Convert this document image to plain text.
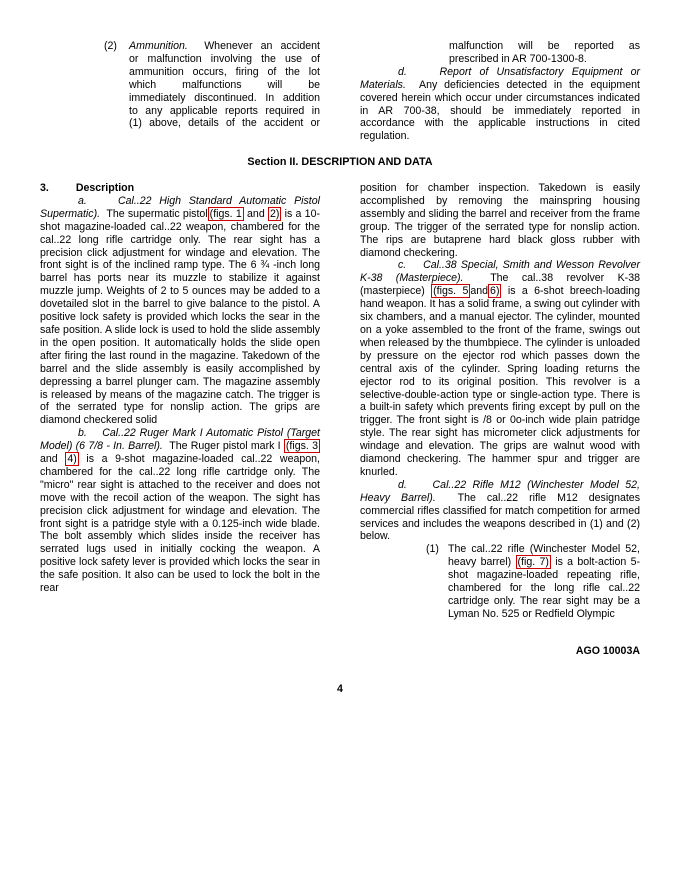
(2) Ammunition. Whenever an accident
or malfunction involving the use of
ammunition occurs, firing of the lot
which malfunctions will be
immediately discontinued. In addition
to any applicable reports required in
(1) above, details of the accident or
malfunction will be reported as
prescribed in AR 700-1300-8.

d.	Report of Unsatisfactory Equipment or Materials. Any deficiencies detected in the equipment covered herein which occur under circumstances indicated in AR 700-38, should be immediately reported in accordance with the applicable instructions in cited regulation.

Section II. DESCRIPTION AND DATA

3.	Description

a.	Cal..22 High Standard Automatic Pistol Supermatic). The supermatic pistol (figs. 1 and 2) is a 10-shot magazine-loaded cal..22 weapon, chambered for the cal..22 long rifle cartridge only. The rear sight has a precision click adjustment for windage and elevation. The front sight is of the inclined ramp type. The 6 ¾ -inch long barrel has ports near its muzzle to stabilize it against muzzle jump. Weights of 2 to 5 ounces may be added to a dovetailed slot in the barrel to give balance to the pistol. A positive lock safety is provided which locks the sear in the safe position. A slide lock is used to hold the slide assembly in the open position. It automatically holds the slide open after firing the last round in the magazine. Takedown of the barrel and the slide assembly is easily accomplished by depressing a barrel plunger cam. The magazine assembly is released by means of the magazine catch. The trigger is of the serrated type for nonslip action. The grips are diamond checkered solid

b. Cal..22 Ruger Mark I Automatic Pistol (Target Model) (6 7/8 - In. Barrel). The Ruger pistol mark I (figs. 3 and 4) is a 9-shot magazine-loaded cal..22 weapon, chambered for the cal..22 long rifle cartridge only. The "micro" rear sight is attached to the receiver and does not move with the recoil action of the weapon. The sight has precision click adjustment for windage and elevation. The front sight is a patridge style with a 0.125-inch wide blade. The bolt assembly which slides inside the receiver has serrated lugs used in initially cocking the weapon. A positive lock safety lever is provided which locks the sear in the safe position. It also can be used to lock the bolt in the rear

position for chamber inspection. Takedown is easily accomplished by removing the mainspring housing assembly and sliding the barrel and receiver from the frame group. The trigger of the serrated type for nonslip action. The rips are butaprene hard black gloss rubber with diamond checkering.

c. Cal..38 Special, Smith and Wesson Revolver K-38 (Masterpiece).	The cal..38 revolver K-38 (masterpiece) (figs. 5 and 6) is a 6-shot breech-loading hand weapon. It has a solid frame, a swing out cylinder with six chambers, and a manual ejector. The cylinder, mounted on a yoke assembled to the front of the frame, swings out when released by the thumbpiece. The cylinder is unloaded by pressure on the ejector rod which passes down the central axis of the cylinder. Spring loading returns the ejector rod to its original position. This revolver is a selective-double-action type or single-action type. There is a built-in safety which prevents firing except by pull on the trigger. The front sight is /8 or 0o-inch wide plain patridge style. The rear sight has micrometer click adjustments for windage and elevation. The grips are walnut wood with diamond checkering. The hammer spur and trigger are knurled.

d. Cal..22 Rifle M12 (Winchester Model 52, Heavy Barrel). The cal..22 rifle M12 designates commercial rifles classified for match competition for armed services and includes the weapons described in (1) and (2) below.

(1) The cal..22 rifle (Winchester Model 52, heavy barrel) (fig. 7) is a bolt-action 5-shot magazine-loaded repeating rifle, chambered for the long rifle cal..22 cartridge only. The rear sight may be a Lyman No. 525 or Redfield Olympic

AGO 10003A
4
